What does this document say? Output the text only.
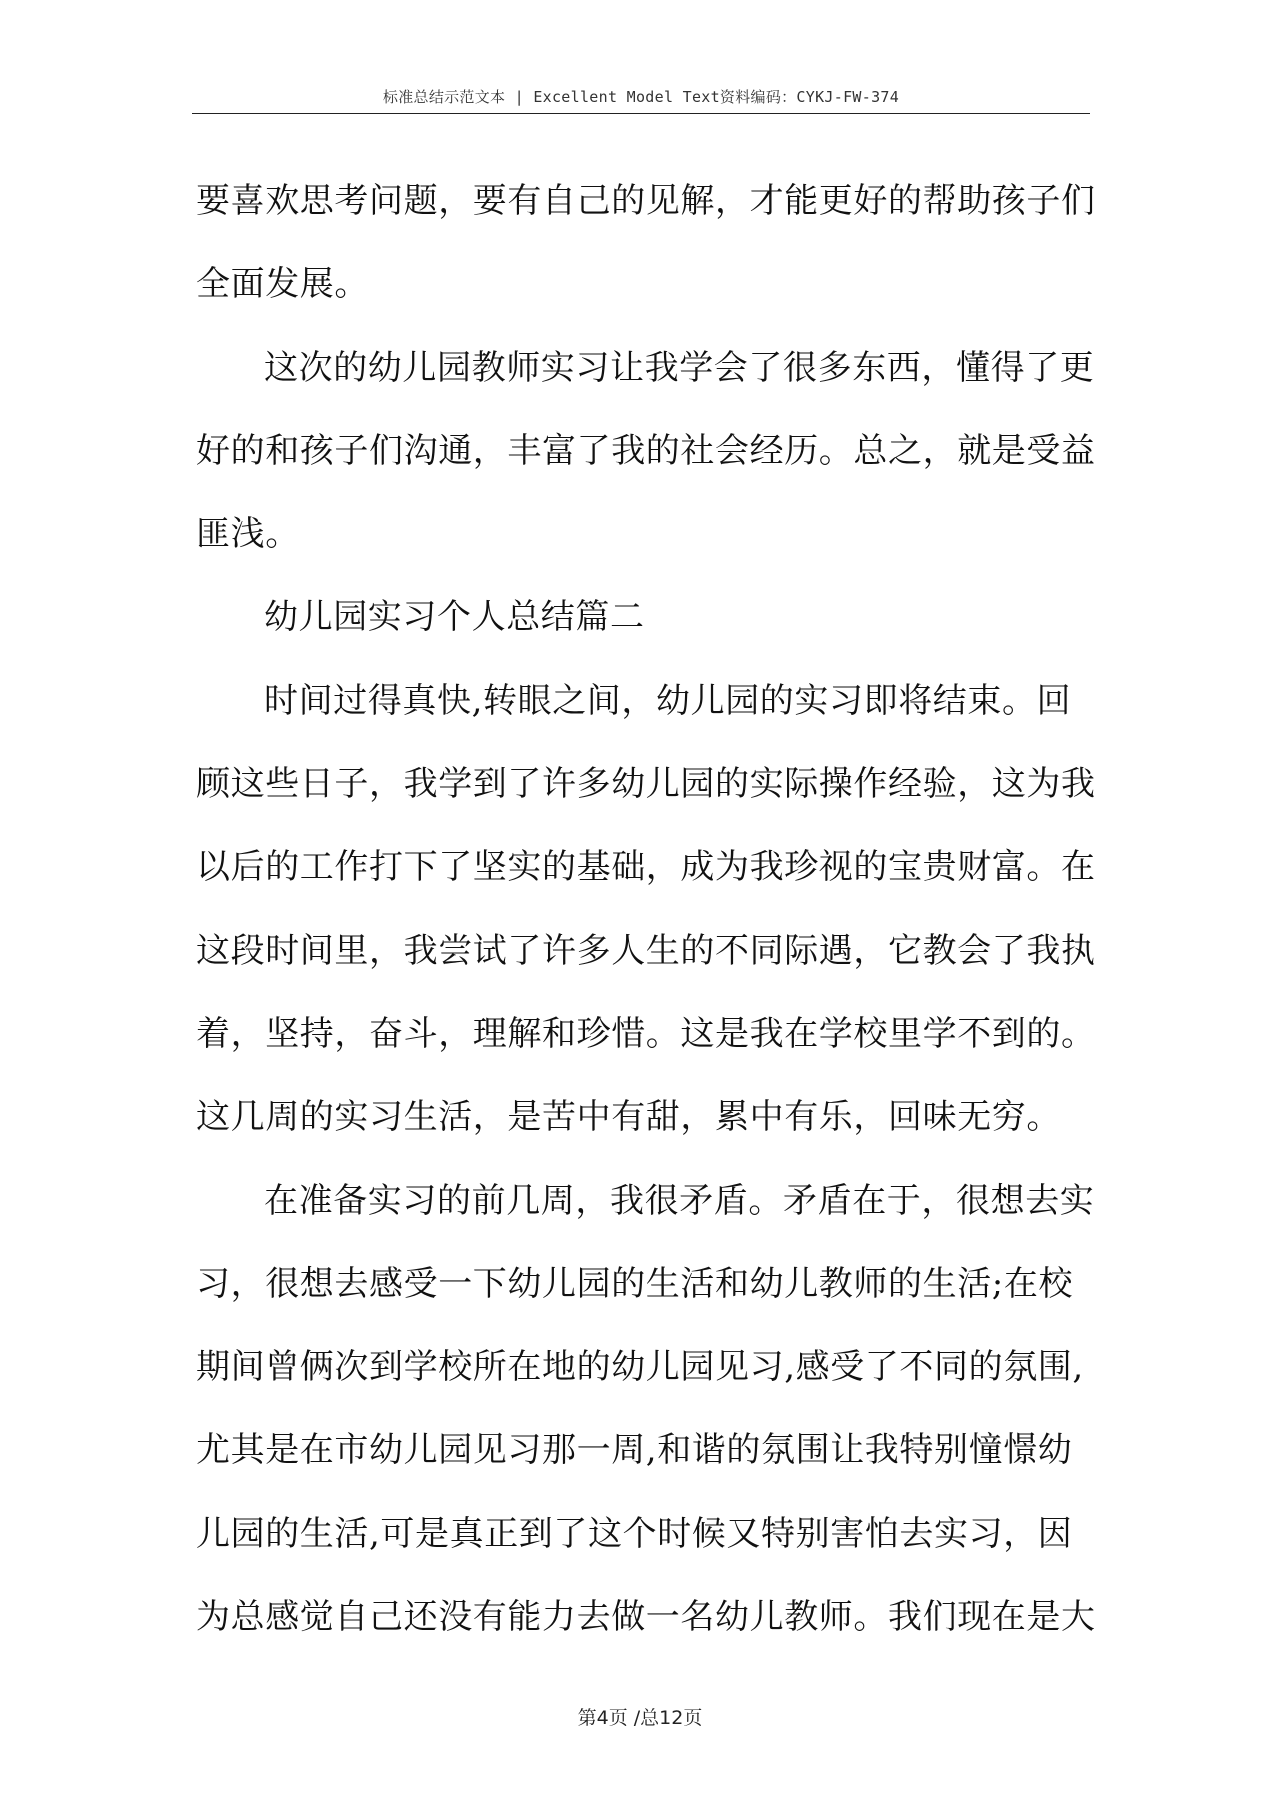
标准总结示范文本 | Excellent Model Text资料编码：CYKJ-FW-374
要喜欢思考问题，要有自己的见解，才能更好的帮助孩子们
全面发展。
这次的幼儿园教师实习让我学会了很多东西，懂得了更
好的和孩子们沟通，丰富了我的社会经历。总之，就是受益
匪浅。
幼儿园实习个人总结篇二
时间过得真快,转眼之间，幼儿园的实习即将结束。回
顾这些日子，我学到了许多幼儿园的实际操作经验，这为我
以后的工作打下了坚实的基础，成为我珍视的宝贵财富。在
这段时间里，我尝试了许多人生的不同际遇，它教会了我执
着，坚持，奋斗，理解和珍惜。这是我在学校里学不到的。
这几周的实习生活，是苦中有甜，累中有乐，回味无穷。
在准备实习的前几周，我很矛盾。矛盾在于，很想去实
习，很想去感受一下幼儿园的生活和幼儿教师的生活;在校
期间曾俩次到学校所在地的幼儿园见习,感受了不同的氛围,
尤其是在市幼儿园见习那一周,和谐的氛围让我特别憧憬幼
儿园的生活,可是真正到了这个时候又特别害怕去实习，因
为总感觉自己还没有能力去做一名幼儿教师。我们现在是大
第4页 /总12页
